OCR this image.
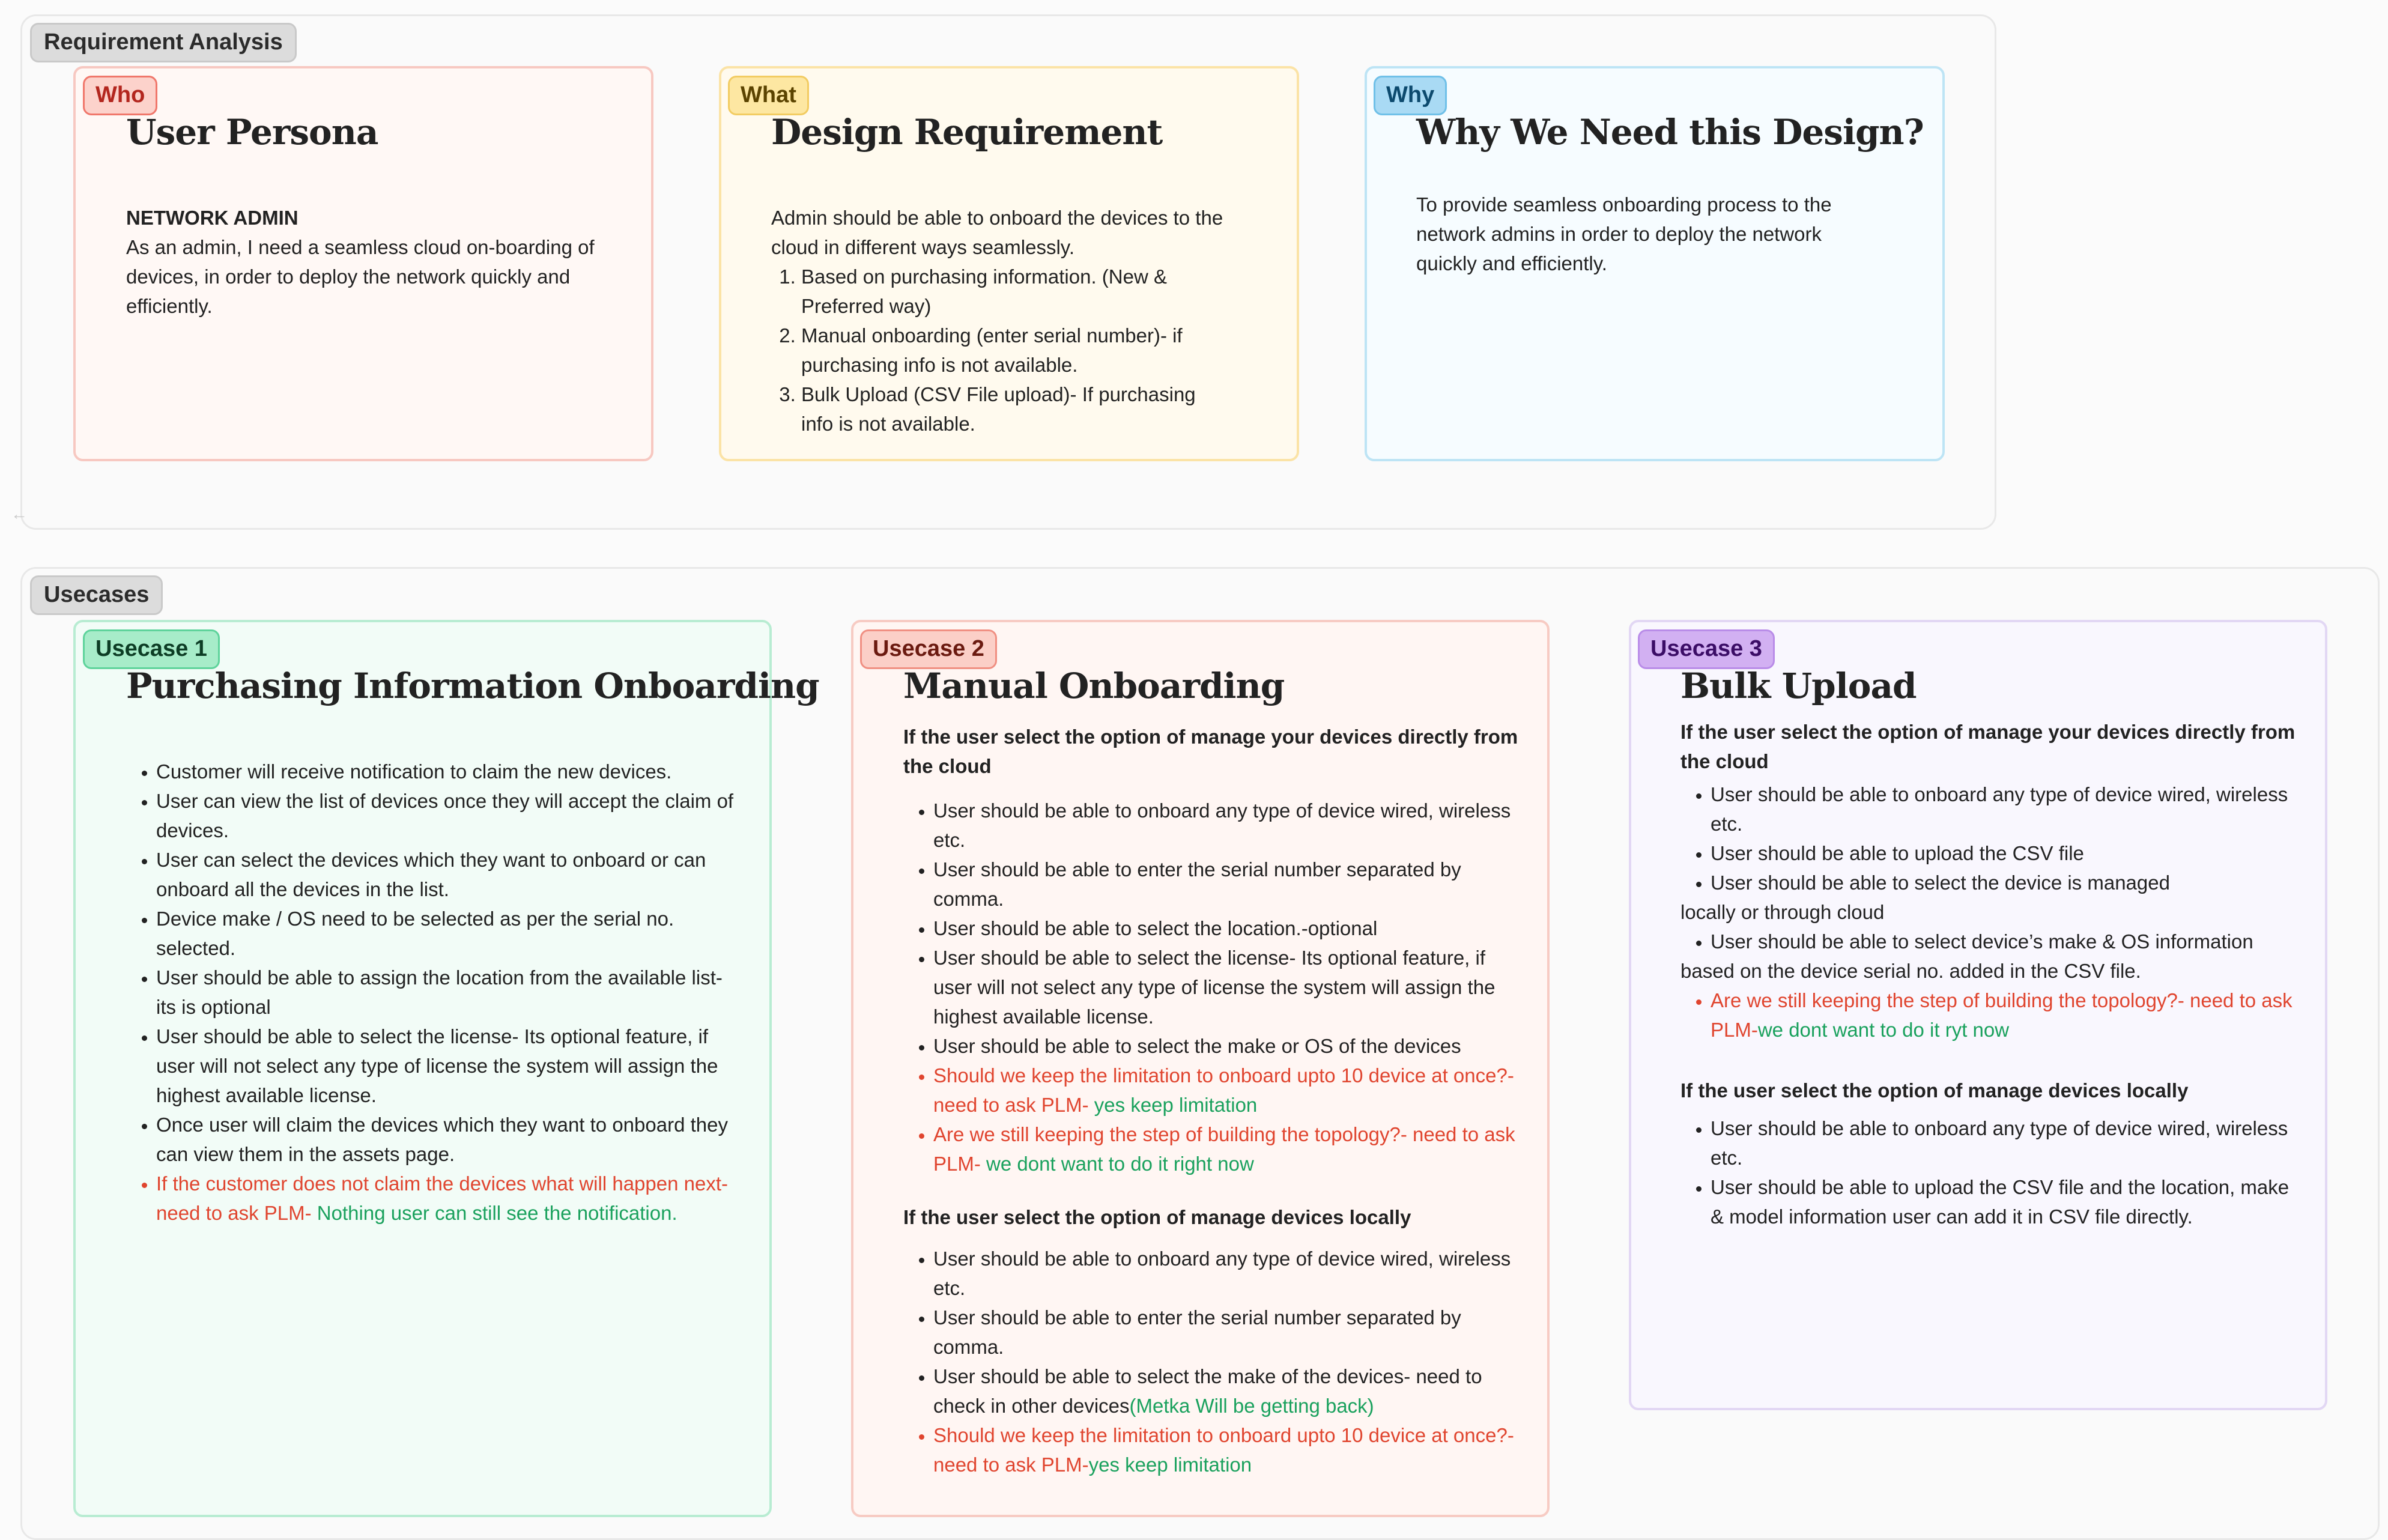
Requirement Analysis
←
Who
User Persona

NETWORK ADMIN

As an admin, I need a seamless cloud on-boarding of devices, in order to deploy the network quickly and efficiently.

What
Design Requirement

Admin should be able to onboard the devices to the cloud in different ways seamlessly.

1. Based on purchasing information. (New & Preferred way)
2. Manual onboarding (enter serial number)- if purchasing info is not available.
3. Bulk Upload (CSV File upload)- If purchasing info is not available.
Why
Why We Need this Design?

To provide seamless onboarding process to the network admins in order to deploy the network quickly and efficiently.

Usecases
Usecase 1
Purchasing Information Onboarding
• Customer will receive notification to claim the new devices.
• User can view the list of devices once they will accept the claim of devices.
• User can select the devices which they want to onboard or can onboard all the devices in the list.
• Device make / OS need to be selected as per the serial no. selected.
• User should be able to assign the location from the available list- its is optional
• User should be able to select the license- Its optional feature, if user will not select any type of license the system will assign the highest available license.
• Once user will claim the devices which they want to onboard they can view them in the assets page.
• If the customer does not claim the devices what will happen next- need to ask PLM- Nothing user can still see the notification.
Usecase 2
Manual Onboarding

If the user select the option of manage your devices directly from the cloud

• User should be able to onboard any type of device wired, wireless etc.
• User should be able to enter the serial number separated by comma.
• User should be able to select the location.-optional
• User should be able to select the license- Its optional feature, if user will not select any type of license the system will assign the highest available license.
• User should be able to select the make or OS of the devices
• Should we keep the limitation to onboard upto 10 device at once?- need to ask PLM- yes keep limitation
• Are we still keeping the step of building the topology?- need to ask PLM- we dont want to do it right now

If the user select the option of manage devices locally

• User should be able to onboard any type of device wired, wireless etc.
• User should be able to enter the serial number separated by comma.
• User should be able to select the make of the devices- need to check in other devices(Metka Will be getting back)
• Should we keep the limitation to onboard upto 10 device at once?- need to ask PLM-yes keep limitation
Usecase 3
Bulk Upload

If the user select the option of manage your devices directly from the cloud

• User should be able to onboard any type of device wired, wireless etc.
• User should be able to upload the CSV file
• User should be able to select the device is managed

locally or through cloud

• User should be able to select device’s make & OS information

based on the device serial no. added in the CSV file.

• Are we still keeping the step of building the topology?- need to ask PLM-we dont want to do it ryt now

If the user select the option of manage devices locally

• User should be able to onboard any type of device wired, wireless etc.
• User should be able to upload the CSV file and the location, make & model information user can add it in CSV file directly.
